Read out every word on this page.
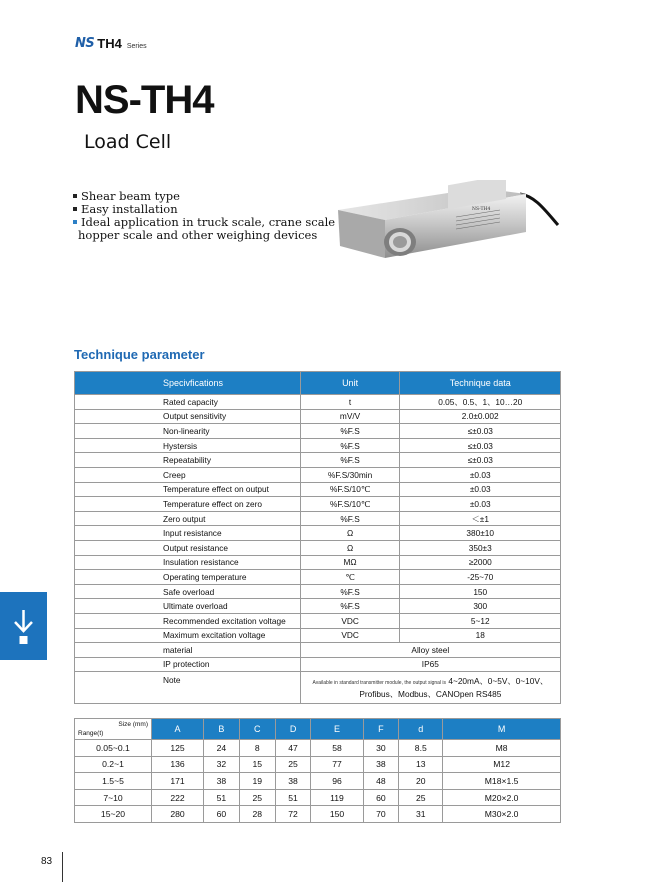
NS TH4 Series
NS-TH4
Load Cell
Shear beam type
Easy installation
Ideal application in truck scale, crane scale
hopper scale and other weighing devices
NS-TH4
Technique parameter
Specivfications	Unit	Technique data
Rated capacity	t	0.05、0.5、1、10…20
Output sensitivity	mV/V	2.0±0.002
Non-linearity	%F.S	≤±0.03
Hystersis	%F.S	≤±0.03
Repeatability	%F.S	≤±0.03
Creep	%F.S/30min	±0.03
Temperature effect on output	%F.S/10℃	±0.03
Temperature effect on zero	%F.S/10℃	±0.03
Zero output	%F.S	＜±1
Input resistance	Ω	380±10
Output resistance	Ω	350±3
Insulation resistance	MΩ	≥2000
Operating temperature	℃	-25~70
Safe overload	%F.S	150
Ultimate overload	%F.S	300
Recommended excitation voltage	VDC	5~12
Maximum excitation voltage	VDC	18
material	Alloy steel	
IP protection	IP65	
Note	Available in standard transmitter module, the output signal is 4~20mA、0~5V、0~10V、
Profibus、Modbus、CANOpen RS485	
Size (mm)
Range(t)	A	B	C	D	E	F	d	M
0.05~0.1	125	24	8	47	58	30	8.5	M8
0.2~1	136	32	15	25	77	38	13	M12
1.5~5	171	38	19	38	96	48	20	M18×1.5
7~10	222	51	25	51	119	60	25	M20×2.0
15~20	280	60	28	72	150	70	31	M30×2.0
83
